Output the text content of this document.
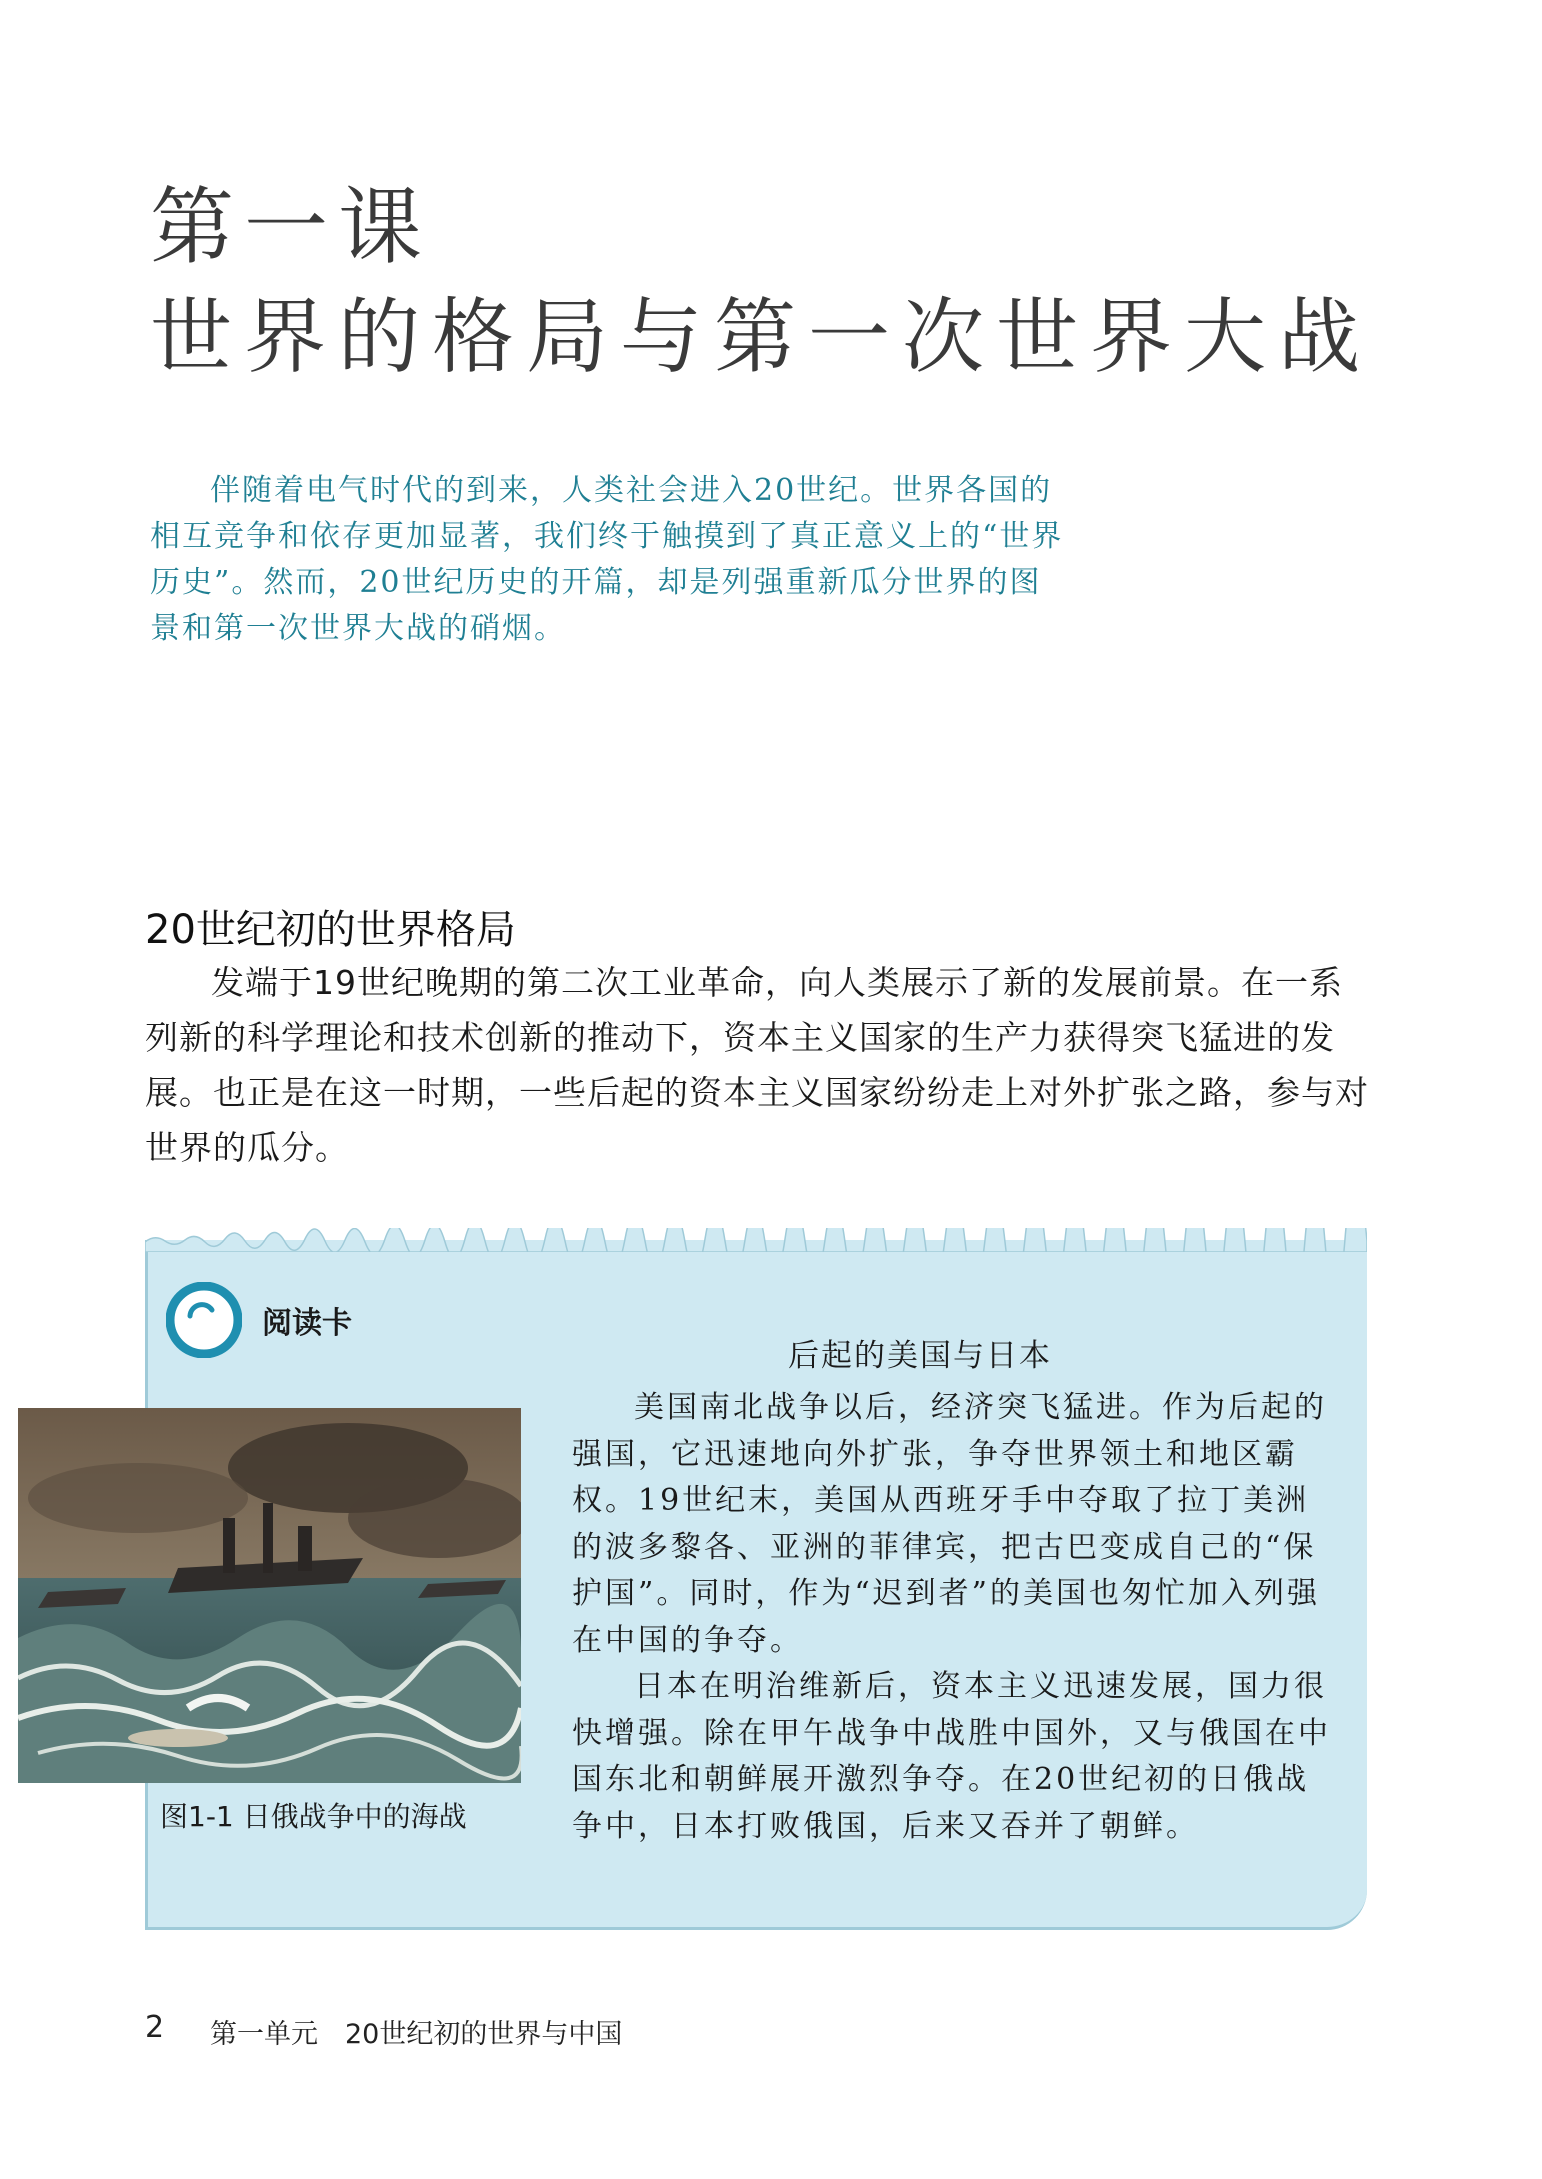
第一课
世界的格局与第一次世界大战
伴随着电气时代的到来，人类社会进入20世纪。世界各国的相互竞争和依存更加显著，我们终于触摸到了真正意义上的“世界历史”。然而，20世纪历史的开篇，却是列强重新瓜分世界的图景和第一次世界大战的硝烟。
20世纪初的世界格局
发端于19世纪晚期的第二次工业革命，向人类展示了新的发展前景。在一系列新的科学理论和技术创新的推动下，资本主义国家的生产力获得突飞猛进的发展。也正是在这一时期，一些后起的资本主义国家纷纷走上对外扩张之路，参与对世界的瓜分。
阅读卡
后起的美国与日本

美国南北战争以后，经济突飞猛进。作为后起的强国，它迅速地向外扩张，争夺世界领土和地区霸权。19世纪末，美国从西班牙手中夺取了拉丁美洲的波多黎各、亚洲的菲律宾，把古巴变成自己的“保护国”。同时，作为“迟到者”的美国也匆忙加入列强在中国的争夺。

日本在明治维新后，资本主义迅速发展，国力很快增强。除在甲午战争中战胜中国外，又与俄国在中国东北和朝鲜展开激烈争夺。在20世纪初的日俄战争中，日本打败俄国，后来又吞并了朝鲜。

图1-1 日俄战争中的海战
2 第一单元　20世纪初的世界与中国
